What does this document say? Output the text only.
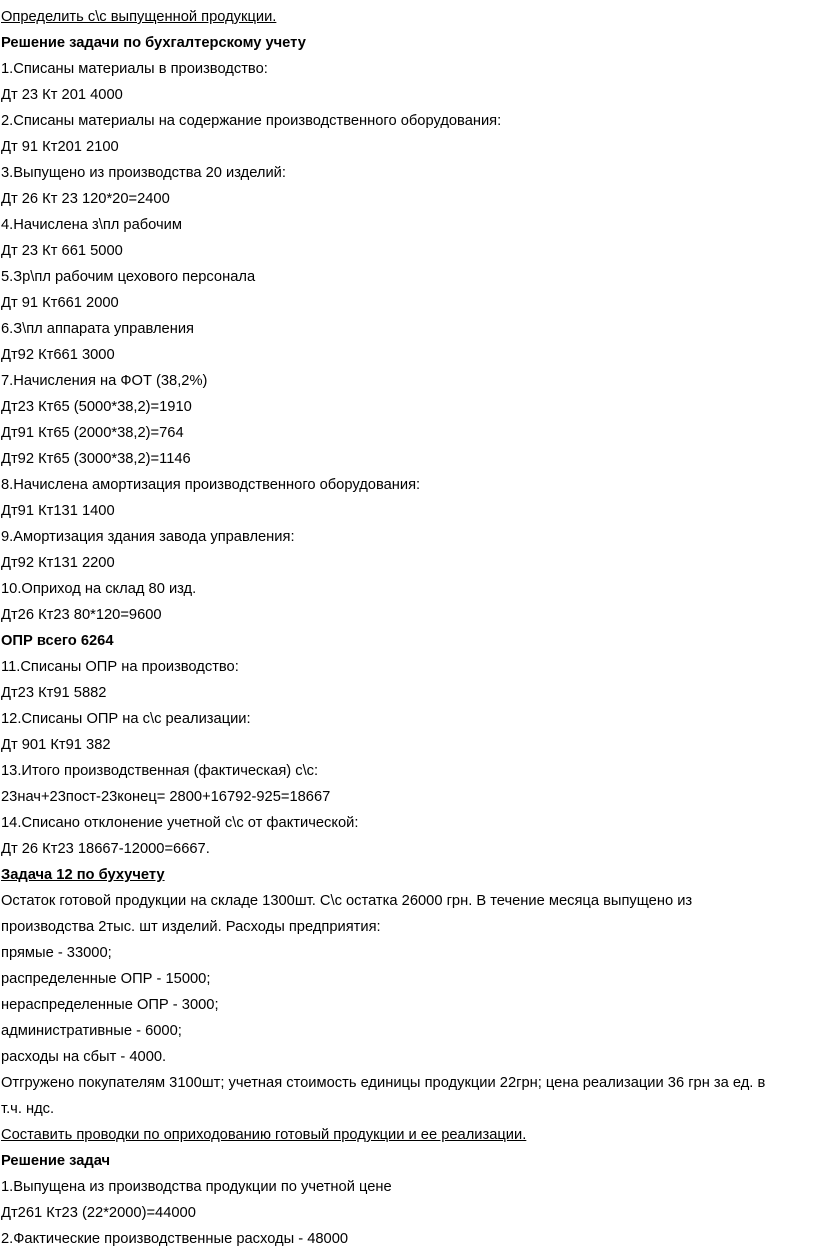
Определить с\с выпущенной продукции.
Решение задачи по бухгалтерскому учету
1.Списаны материалы в производство:
Дт 23 Кт 201 4000
2.Списаны материалы на содержание производственного оборудования:
Дт 91 Кт201 2100
3.Выпущено из производства 20 изделий:
Дт 26 Кт 23 120*20=2400
4.Начислена з\пл рабочим
Дт 23 Кт 661 5000
5.Зр\пл рабочим цехового персонала
Дт 91 Кт661 2000
6.З\пл аппарата управления
Дт92 Кт661 3000
7.Начисления на ФОТ (38,2%)
Дт23 Кт65 (5000*38,2)=1910
Дт91 Кт65 (2000*38,2)=764
Дт92 Кт65 (3000*38,2)=1146
8.Начислена амортизация производственного оборудования:
Дт91 Кт131 1400
9.Амортизация здания завода управления:
Дт92 Кт131 2200
10.Оприход на склад 80 изд.
Дт26 Кт23 80*120=9600
ОПР всего 6264
11.Списаны ОПР на производство:
Дт23 Кт91 5882
12.Списаны ОПР на с\с реализации:
Дт 901 Кт91 382
13.Итого производственная (фактическая) с\с:
23нач+23пост-23конец= 2800+16792-925=18667
14.Списано отклонение учетной с\с от фактической:
Дт 26 Кт23 18667-12000=6667.
Задача 12 по бухучету
Остаток готовой продукции на складе 1300шт. С\с остатка 26000 грн. В течение месяца выпущено из
производства 2тыс. шт изделий. Расходы предприятия:
прямые - 33000;
распределенные ОПР - 15000;
нераспределенные ОПР - 3000;
административные - 6000;
расходы на сбыт - 4000.
Отгружено покупателям 3100шт; учетная стоимость единицы продукции 22грн; цена реализации 36 грн за ед. в
т.ч. ндс.
Составить проводки по оприходованию готовый продукции и ее реализации.
Решение задач
1.Выпущена из производства продукции по учетной цене
Дт261 Кт23 (22*2000)=44000
2.Фактические производственные расходы - 48000
